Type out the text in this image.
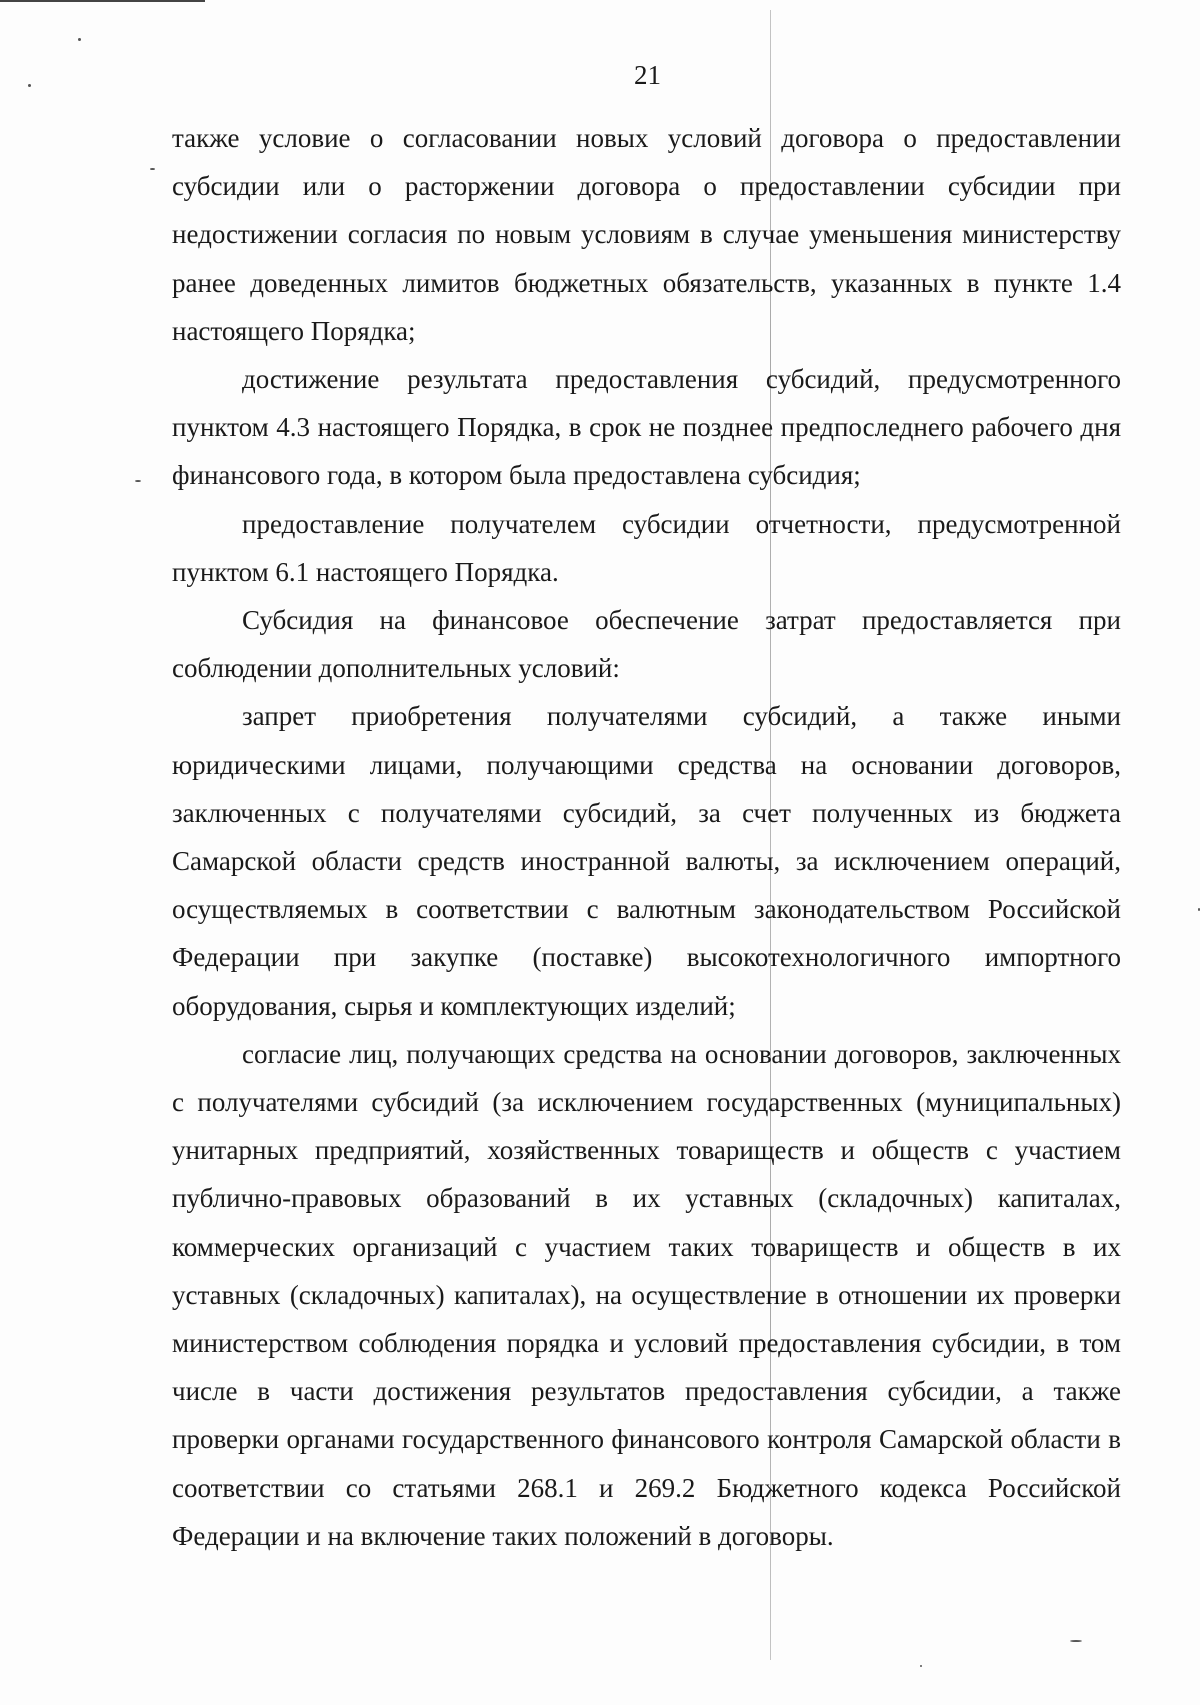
21

также условие о согласовании новых условий договора о предоставлении субсидии или о расторжении договора о предоставлении субсидии при недостижении согласия по новым условиям в случае уменьшения министерству ранее доведенных лимитов бюджетных обязательств, указанных в пункте 1.4 настоящего Порядка;

достижение результата предоставления субсидий, предусмотренного пунктом 4.3 настоящего Порядка, в срок не позднее предпоследнего рабочего дня финансового года, в котором была предоставлена субсидия;

предоставление получателем субсидии отчетности, предусмотренной пунктом 6.1 настоящего Порядка.

Субсидия на финансовое обеспечение затрат предоставляется при соблюдении дополнительных условий:

запрет приобретения получателями субсидий, а также иными юридическими лицами, получающими средства на основании договоров, заключенных с получателями субсидий, за счет полученных из бюджета Самарской области средств иностранной валюты, за исключением операций, осуществляемых в соответствии с валютным законодательством Российской Федерации при закупке (поставке) высокотехнологичного импортного оборудования, сырья и комплектующих изделий;

согласие лиц, получающих средства на основании договоров, заключенных с получателями субсидий (за исключением государственных (муниципальных) унитарных предприятий, хозяйственных товариществ и обществ с участием публично-правовых образований в их уставных (складочных) капиталах, коммерческих организаций с участием таких товариществ и обществ в их уставных (складочных) капиталах), на осуществление в отношении их проверки министерством соблюдения порядка и условий предоставления субсидии, в том числе в части достижения результатов предоставления субсидии, а также проверки органами государственного финансового контроля Самарской области в соответствии со статьями 268.1 и 269.2 Бюджетного кодекса Российской Федерации и на включение таких положений в договоры.
